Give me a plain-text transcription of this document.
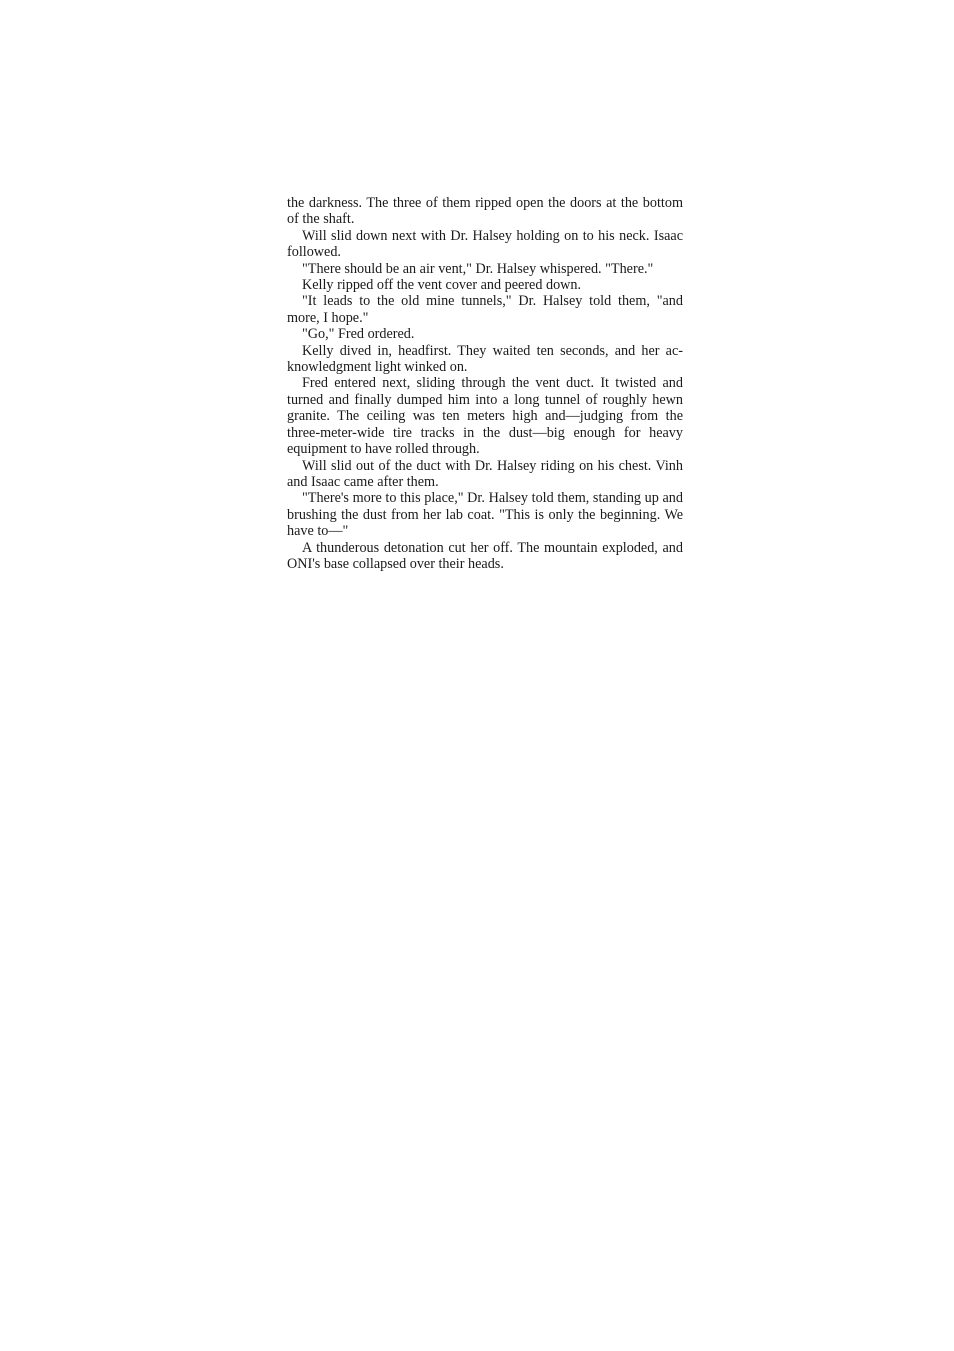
the darkness. The three of them ripped open the doors at the bottom of the shaft.

Will slid down next with Dr. Halsey holding on to his neck. Isaac followed.

"There should be an air vent," Dr. Halsey whispered. "There."

Kelly ripped off the vent cover and peered down.

"It leads to the old mine tunnels," Dr. Halsey told them, "and more, I hope."

"Go," Fred ordered.

Kelly dived in, headfirst. They waited ten seconds, and her acknowledgment light winked on.

Fred entered next, sliding through the vent duct. It twisted and turned and finally dumped him into a long tunnel of roughly hewn granite. The ceiling was ten meters high and—judging from the three-meter-wide tire tracks in the dust—big enough for heavy equipment to have rolled through.

Will slid out of the duct with Dr. Halsey riding on his chest. Vinh and Isaac came after them.

"There's more to this place," Dr. Halsey told them, standing up and brushing the dust from her lab coat. "This is only the beginning. We have to—"

A thunderous detonation cut her off. The mountain exploded, and ONI's base collapsed over their heads.
